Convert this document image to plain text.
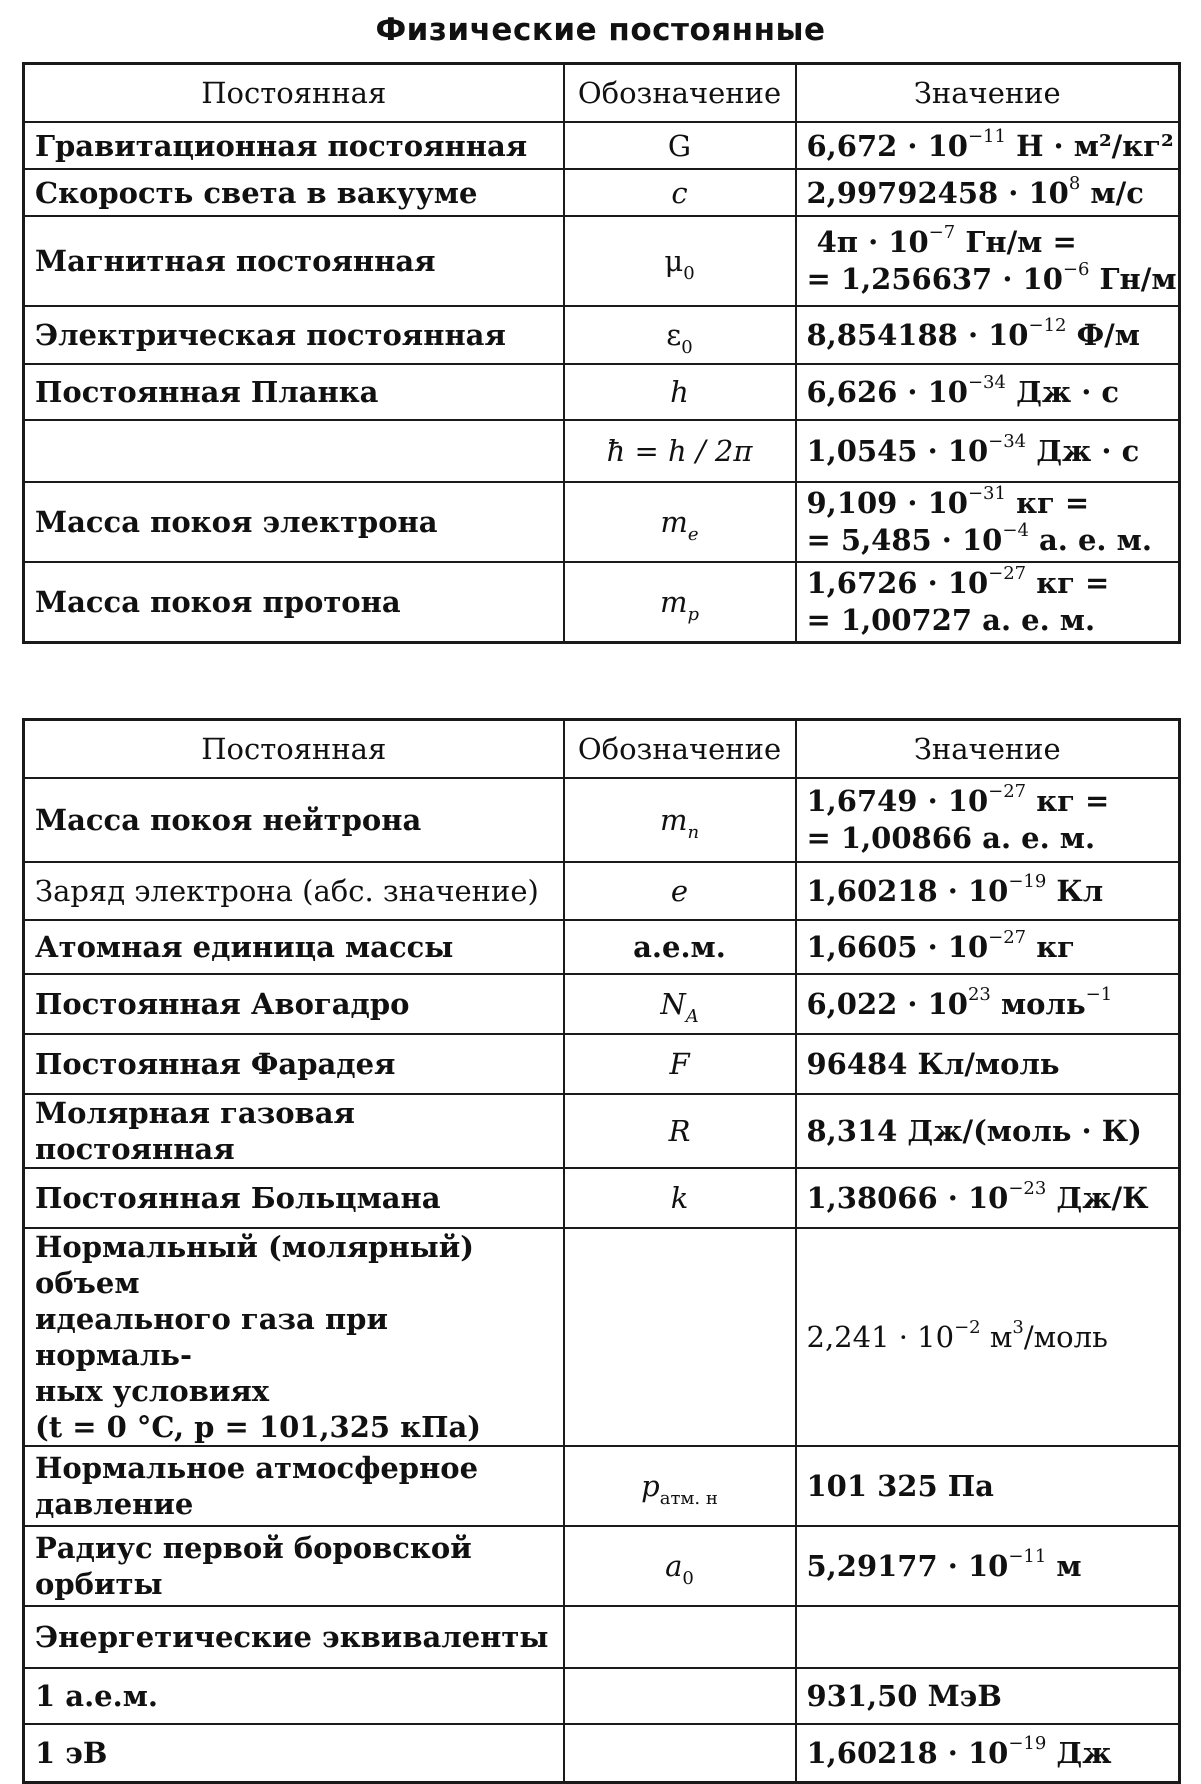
Физические постоянные
Постоянная	Обозначение	Значение
Гравитационная постоянная	G	$6,672 \cdot 10^{-11}$ Н · м²/кг²
Скорость света в вакууме	c	$2,99792458 \cdot 10^8$ м/с
Магнитная постоянная	$\mu_0$	$4\pi \cdot 10^{-7}$ Гн/м =
= $1,256637 \cdot 10^{-6}$ Гн/м

Электрическая постоянная	$\varepsilon_0$	$8,854188 \cdot 10^{-12}$ Ф/м
Постоянная Планка	h	$6,626 \cdot 10^{-34}$ Дж · с
	ħ = h / 2π	$1,0545 \cdot 10^{-34}$ Дж · с
Масса покоя электрона	$m_e$	$9,109 \cdot 10^{-31}$ кг =
= $5,485 \cdot 10^{-4}$ а. е. м.

Масса покоя протона	$m_p$	$1,6726 \cdot 10^{-27}$ кг =
= 1,00727 а. е. м.
Постоянная	Обозначение	Значение
Масса покоя нейтрона	$m_n$	$1,6749 \cdot 10^{-27}$ кг =
= 1,00866 а. е. м.

Заряд электрона (абс. значение)	e	$1,60218 \cdot 10^{-19}$ Кл
Атомная единица массы	а.е.м.	$1,6605 \cdot 10^{-27}$ кг
Постоянная Авогадро	$N_A$	$6,022 \cdot 10^{23}$ моль$^{-1}$
Постоянная Фарадея	F	96484 Кл/моль
Молярная газовая постоянная	R	8,314 Дж/(моль · К)
Постоянная Больцмана	k	$1,38066 \cdot 10^{-23}$ Дж/К

Нормальный (молярный) объем
идеального газа при нормаль-
ных условиях
(t = 0 °C, p = 101,325 кПа)		$2,241 \cdot 10^{-2}$ $м^3$/моль

Нормальное атмосферное
давление	$p_{атм. н}$	101 325 Па

Радиус первой боровской
орбиты	$a_0$	$5,29177 \cdot 10^{-11}$ м
Энергетические эквиваленты		
1 а.е.м.		931,50 МэВ
1 эВ		$1,60218 \cdot 10^{-19}$ Дж
